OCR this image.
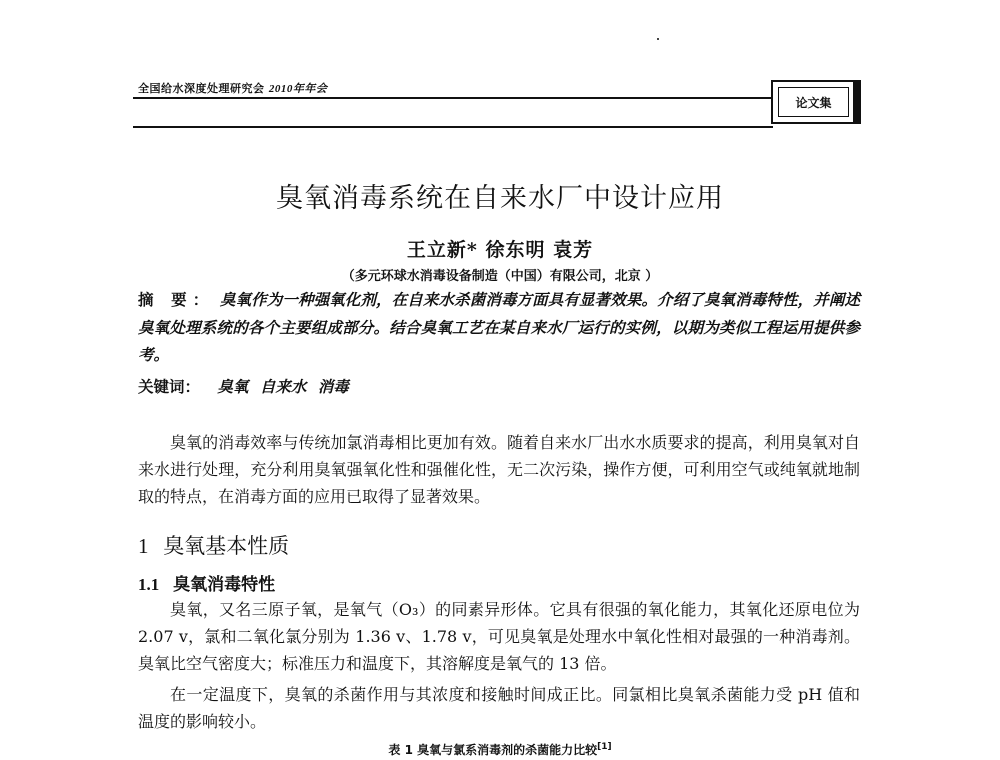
全国给水深度处理研究会 2010年年会
论文集
臭氧消毒系统在自来水厂中设计应用
王立新* 徐东明 袁芳
（多元环球水消毒设备制造（中国）有限公司，北京 ）
摘 要： 臭氧作为一种强氧化剂，在自来水杀菌消毒方面具有显著效果。介绍了臭氧消毒特性，并阐述臭氧处理系统的各个主要组成部分。结合臭氧工艺在某自来水厂运行的实例，以期为类似工程运用提供参考。
关键词： 臭氧 自来水 消毒
臭氧的消毒效率与传统加氯消毒相比更加有效。随着自来水厂出水水质要求的提高，利用臭氧对自来水进行处理，充分利用臭氧强氧化性和强催化性，无二次污染，操作方便，可利用空气或纯氧就地制取的特点，在消毒方面的应用已取得了显著效果。
1 臭氧基本性质
1.1 臭氧消毒特性
臭氧，又名三原子氧，是氧气（O₃）的同素异形体。它具有很强的氧化能力，其氧化还原电位为 2.07 v，氯和二氧化氯分别为 1.36 v、1.78 v，可见臭氧是处理水中氧化性相对最强的一种消毒剂。臭氧比空气密度大；标准压力和温度下，其溶解度是氧气的 13 倍。
在一定温度下，臭氧的杀菌作用与其浓度和接触时间成正比。同氯相比臭氧杀菌能力受 pH 值和温度的影响较小。
表 1 臭氧与氯系消毒剂的杀菌能力比较[1]
